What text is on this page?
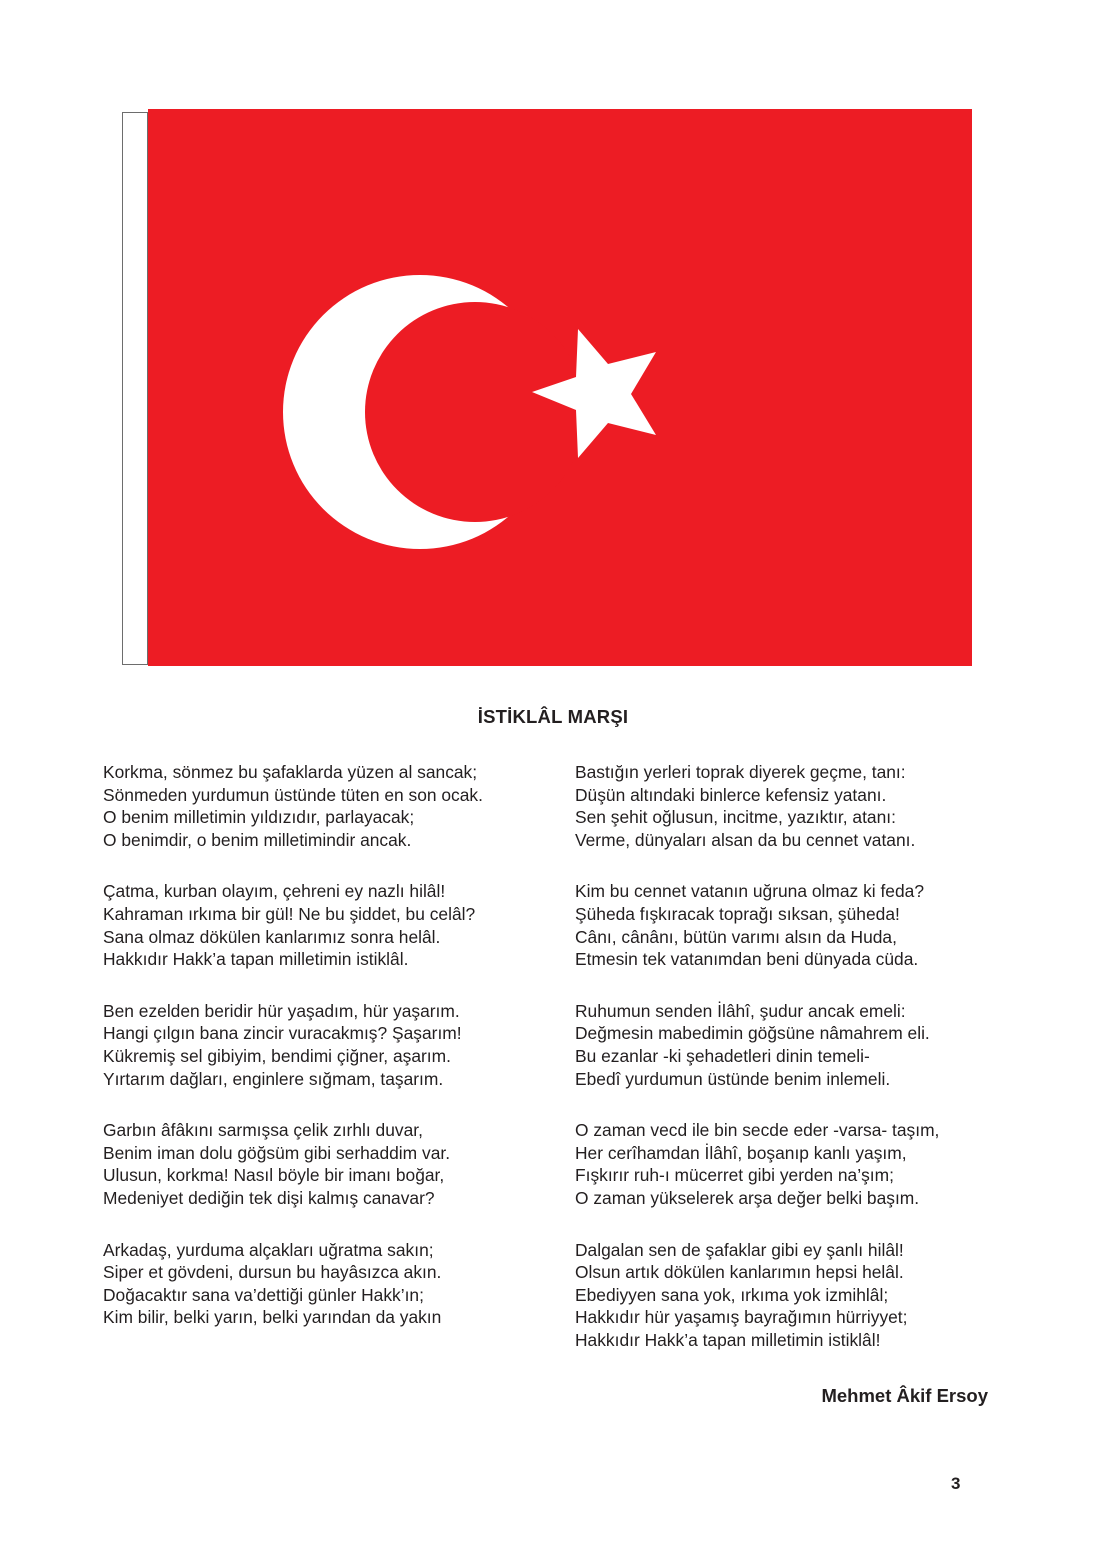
İSTİKLÂL MARŞI
Korkma, sönmez bu şafaklarda yüzen al sancak;
Sönmeden yurdumun üstünde tüten en son ocak.
O benim milletimin yıldızıdır, parlayacak;
O benimdir, o benim milletimindir ancak.
Çatma, kurban olayım, çehreni ey nazlı hilâl!
Kahraman ırkıma bir gül! Ne bu şiddet, bu celâl?
Sana olmaz dökülen kanlarımız sonra helâl.
Hakkıdır Hakk’a tapan milletimin istiklâl.
Ben ezelden beridir hür yaşadım, hür yaşarım.
Hangi çılgın bana zincir vuracakmış? Şaşarım!
Kükremiş sel gibiyim, bendimi çiğner, aşarım.
Yırtarım dağları, enginlere sığmam, taşarım.
Garbın âfâkını sarmışsa çelik zırhlı duvar,
Benim iman dolu göğsüm gibi serhaddim var.
Ulusun, korkma! Nasıl böyle bir imanı boğar,
Medeniyet dediğin tek dişi kalmış canavar?
Arkadaş, yurduma alçakları uğratma sakın;
Siper et gövdeni, dursun bu hayâsızca akın.
Doğacaktır sana va’dettiği günler Hakk’ın;
Kim bilir, belki yarın, belki yarından da yakın
Bastığın yerleri toprak diyerek geçme, tanı:
Düşün altındaki binlerce kefensiz yatanı.
Sen şehit oğlusun, incitme, yazıktır, atanı:
Verme, dünyaları alsan da bu cennet vatanı.
Kim bu cennet vatanın uğruna olmaz ki feda?
Şüheda fışkıracak toprağı sıksan, şüheda!
Cânı, cânânı, bütün varımı alsın da Huda,
Etmesin tek vatanımdan beni dünyada cüda.
Ruhumun senden İlâhî, şudur ancak emeli:
Değmesin mabedimin göğsüne nâmahrem eli.
Bu ezanlar -ki şehadetleri dinin temeli-
Ebedî yurdumun üstünde benim inlemeli.
O zaman vecd ile bin secde eder -varsa- taşım,
Her cerîhamdan İlâhî, boşanıp kanlı yaşım,
Fışkırır ruh-ı mücerret gibi yerden na’şım;
O zaman yükselerek arşa değer belki başım.
Dalgalan sen de şafaklar gibi ey şanlı hilâl!
Olsun artık dökülen kanlarımın hepsi helâl.
Ebediyyen sana yok, ırkıma yok izmihlâl;
Hakkıdır hür yaşamış bayrağımın hürriyyet;
Hakkıdır Hakk’a tapan milletimin istiklâl!
Mehmet Âkif Ersoy
3
